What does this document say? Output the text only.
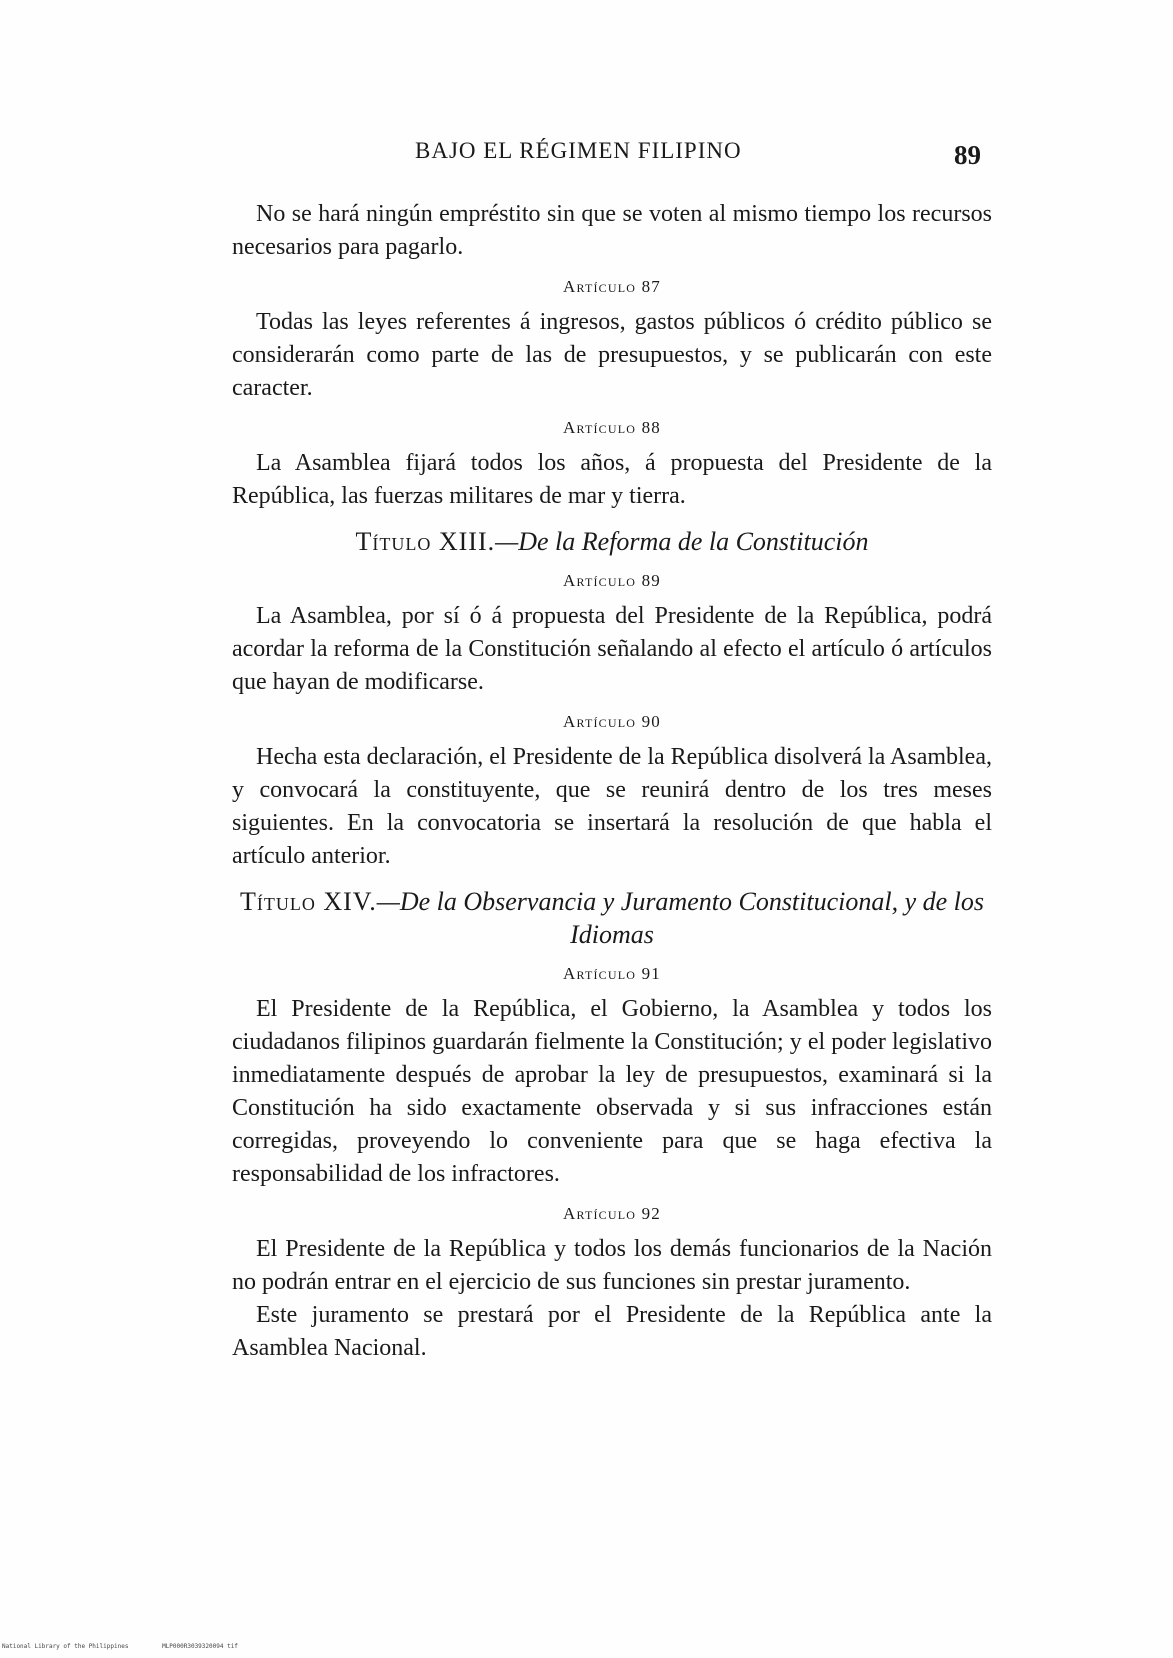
BAJO EL RÉGIMEN FILIPINO	89

No se hará ningún empréstito sin que se voten al mismo tiempo los recursos necesarios para pagarlo.

Artículo 87

Todas las leyes referentes á ingresos, gastos públicos ó crédito público se considerarán como parte de las de presupuestos, y se publicarán con este caracter.

Artículo 88

La Asamblea fijará todos los años, á propuesta del Presidente de la República, las fuerzas militares de mar y tierra.

Título XIII.—De la Reforma de la Constitución
Artículo 89

La Asamblea, por sí ó á propuesta del Presidente de la República, podrá acordar la reforma de la Constitución señalando al efecto el artículo ó artículos que hayan de modificarse.

Artículo 90

Hecha esta declaración, el Presidente de la República disolverá la Asamblea, y convocará la constituyente, que se reunirá dentro de los tres meses siguientes. En la convocatoria se insertará la resolución de que habla el artículo anterior.

Título XIV.—De la Observancia y Juramento Constitucional, y de los Idiomas
Artículo 91

El Presidente de la República, el Gobierno, la Asamblea y todos los ciudadanos filipinos guardarán fielmente la Constitución; y el poder legislativo inmediatamente después de aprobar la ley de presupuestos, examinará si la Constitución ha sido exactamente observada y si sus infracciones están corregidas, proveyendo lo conveniente para que se haga efectiva la responsabilidad de los infractores.

Artículo 92

El Presidente de la República y todos los demás funcionarios de la Nación no podrán entrar en el ejercicio de sus funciones sin prestar juramento.

Este juramento se prestará por el Presidente de la República ante la Asamblea Nacional.

National Library of the Philippines	MLP000R3039320094 tif
